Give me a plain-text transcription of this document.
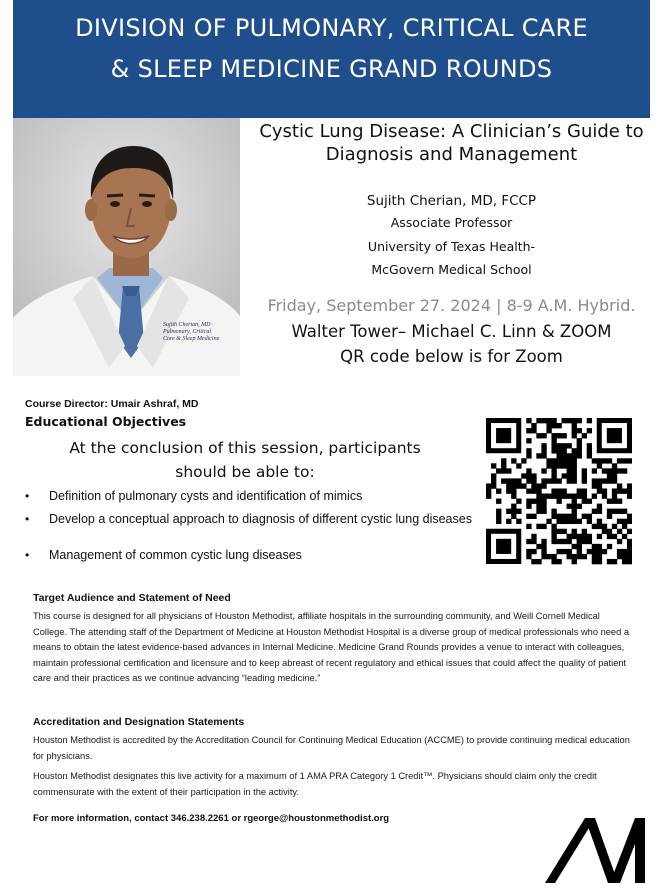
DIVISION OF PULMONARY, CRITICAL CARE
& SLEEP MEDICINE GRAND ROUNDS
Sujith Cherian, MD · Pulmonary, Critical Care & Sleep Medicine
Cystic Lung Disease: A Clinician’s Guide to
Diagnosis and Management
Sujith Cherian, MD, FCCP
Associate Professor
University of Texas Health-
McGovern Medical School
Friday, September 27. 2024 | 8-9 A.M. Hybrid.
Walter Tower– Michael C. Linn & ZOOM
QR code below is for Zoom
Course Director: Umair Ashraf, MD
Educational Objectives
At the conclusion of this session, participants
should be able to:
• Definition of pulmonary cysts and identification of mimics
• Develop a conceptual approach to diagnosis of different cystic lung diseases
• Management of common cystic lung diseases
Target Audience and Statement of Need
This course is designed for all physicians of Houston Methodist, affiliate hospitals in the surrounding community, and Weill Cornell Medical College. The attending staff of the Department of Medicine at Houston Methodist Hospital is a diverse group of medical professionals who need a means to obtain the latest evidence-based advances in Internal Medicine. Medicine Grand Rounds provides a venue to interact with colleagues, maintain professional certification and licensure and to keep abreast of recent regulatory and ethical issues that could affect the quality of patient care and their practices as we continue advancing “leading medicine.”
Accreditation and Designation Statements
Houston Methodist is accredited by the Accreditation Council for Continuing Medical Education (ACCME) to provide continuing medical education for physicians.
Houston Methodist designates this live activity for a maximum of 1 AMA PRA Category 1 Credit™. Physicians should claim only the credit commensurate with the extent of their participation in the activity.
For more information, contact 346.238.2261 or rgeorge@houstonmethodist.org
